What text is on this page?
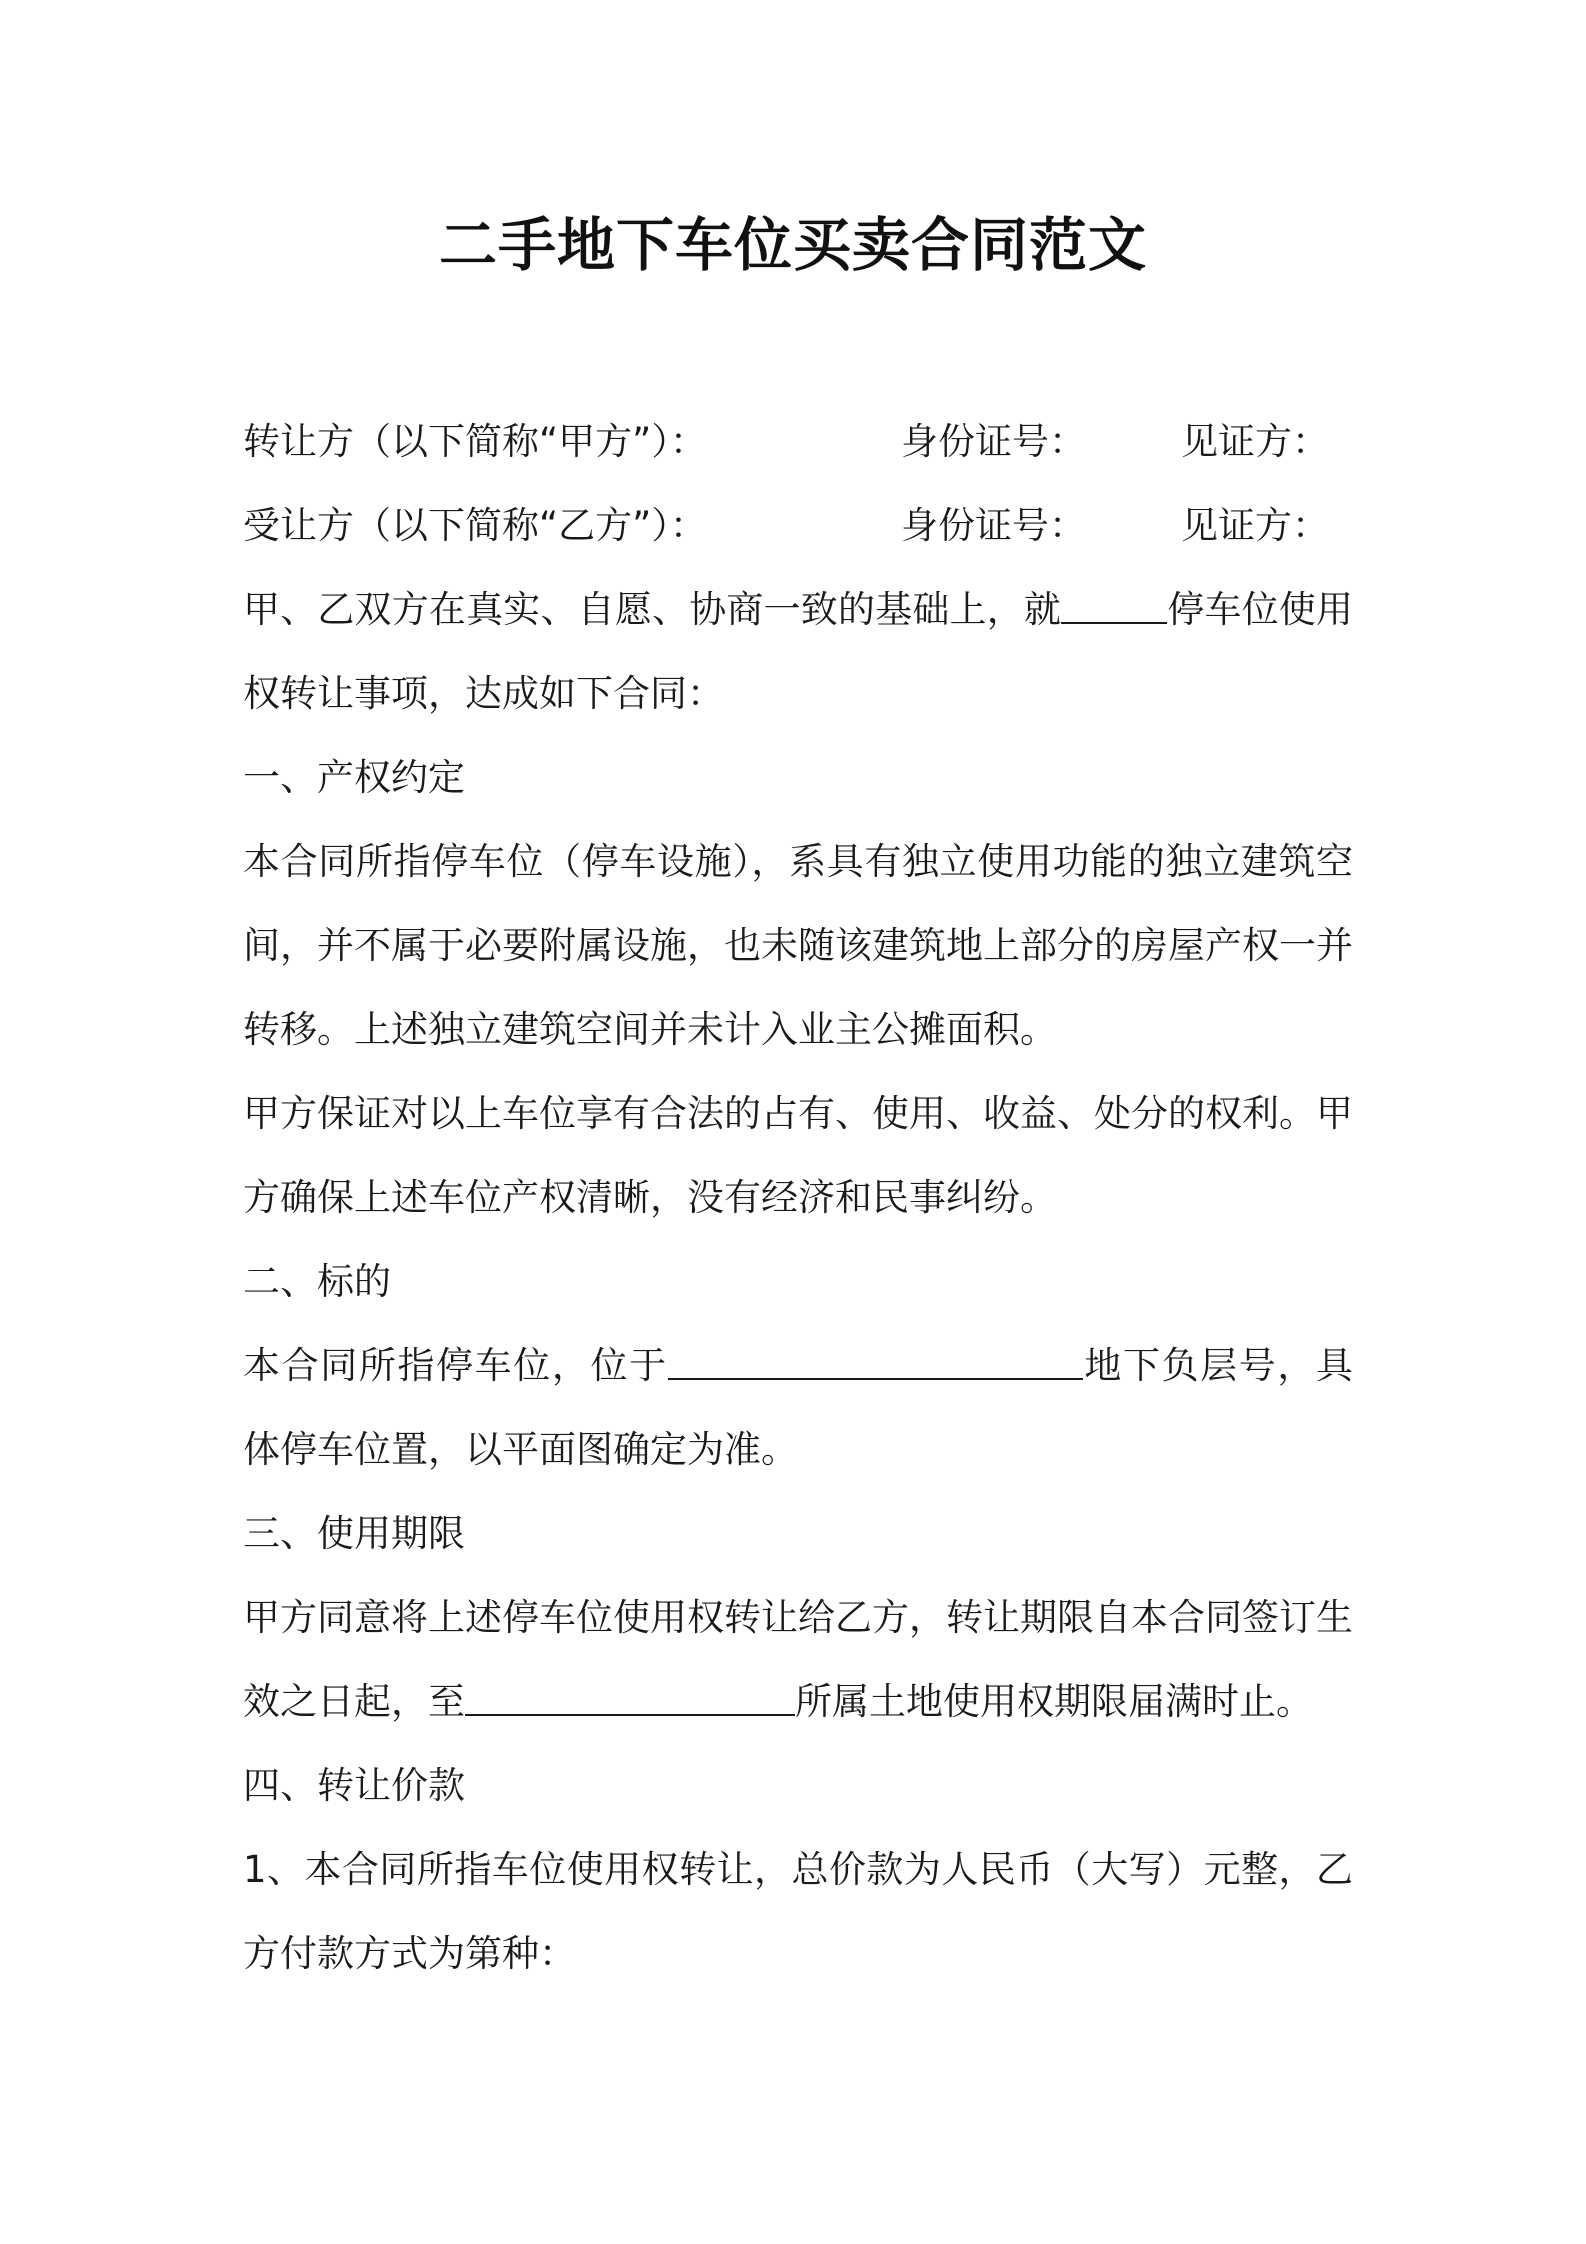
二手地下车位买卖合同范文
转让方（以下简称“甲方”）：	身份证号：	见证方：
受让方（以下简称“乙方”）：	身份证号：	见证方：
甲、乙双方在真实、自愿、协商一致的基础上，就	停车位使用
权转让事项，达成如下合同：
一、产权约定
本合同所指停车位（停车设施），系具有独立使用功能的独立建筑空
间，并不属于必要附属设施，也未随该建筑地上部分的房屋产权一并
转移。上述独立建筑空间并未计入业主公摊面积。
甲方保证对以上车位享有合法的占有、使用、收益、处分的权利。甲
方确保上述车位产权清晰，没有经济和民事纠纷。
二、标的
本合同所指停车位，位于	地下负层号，具
体停车位置，以平面图确定为准。
三、使用期限
甲方同意将上述停车位使用权转让给乙方，转让期限自本合同签订生
效之日起，至	所属土地使用权期限届满时止。
四、转让价款
1、本合同所指车位使用权转让，总价款为人民币（大写）元整，乙
方付款方式为第种：
